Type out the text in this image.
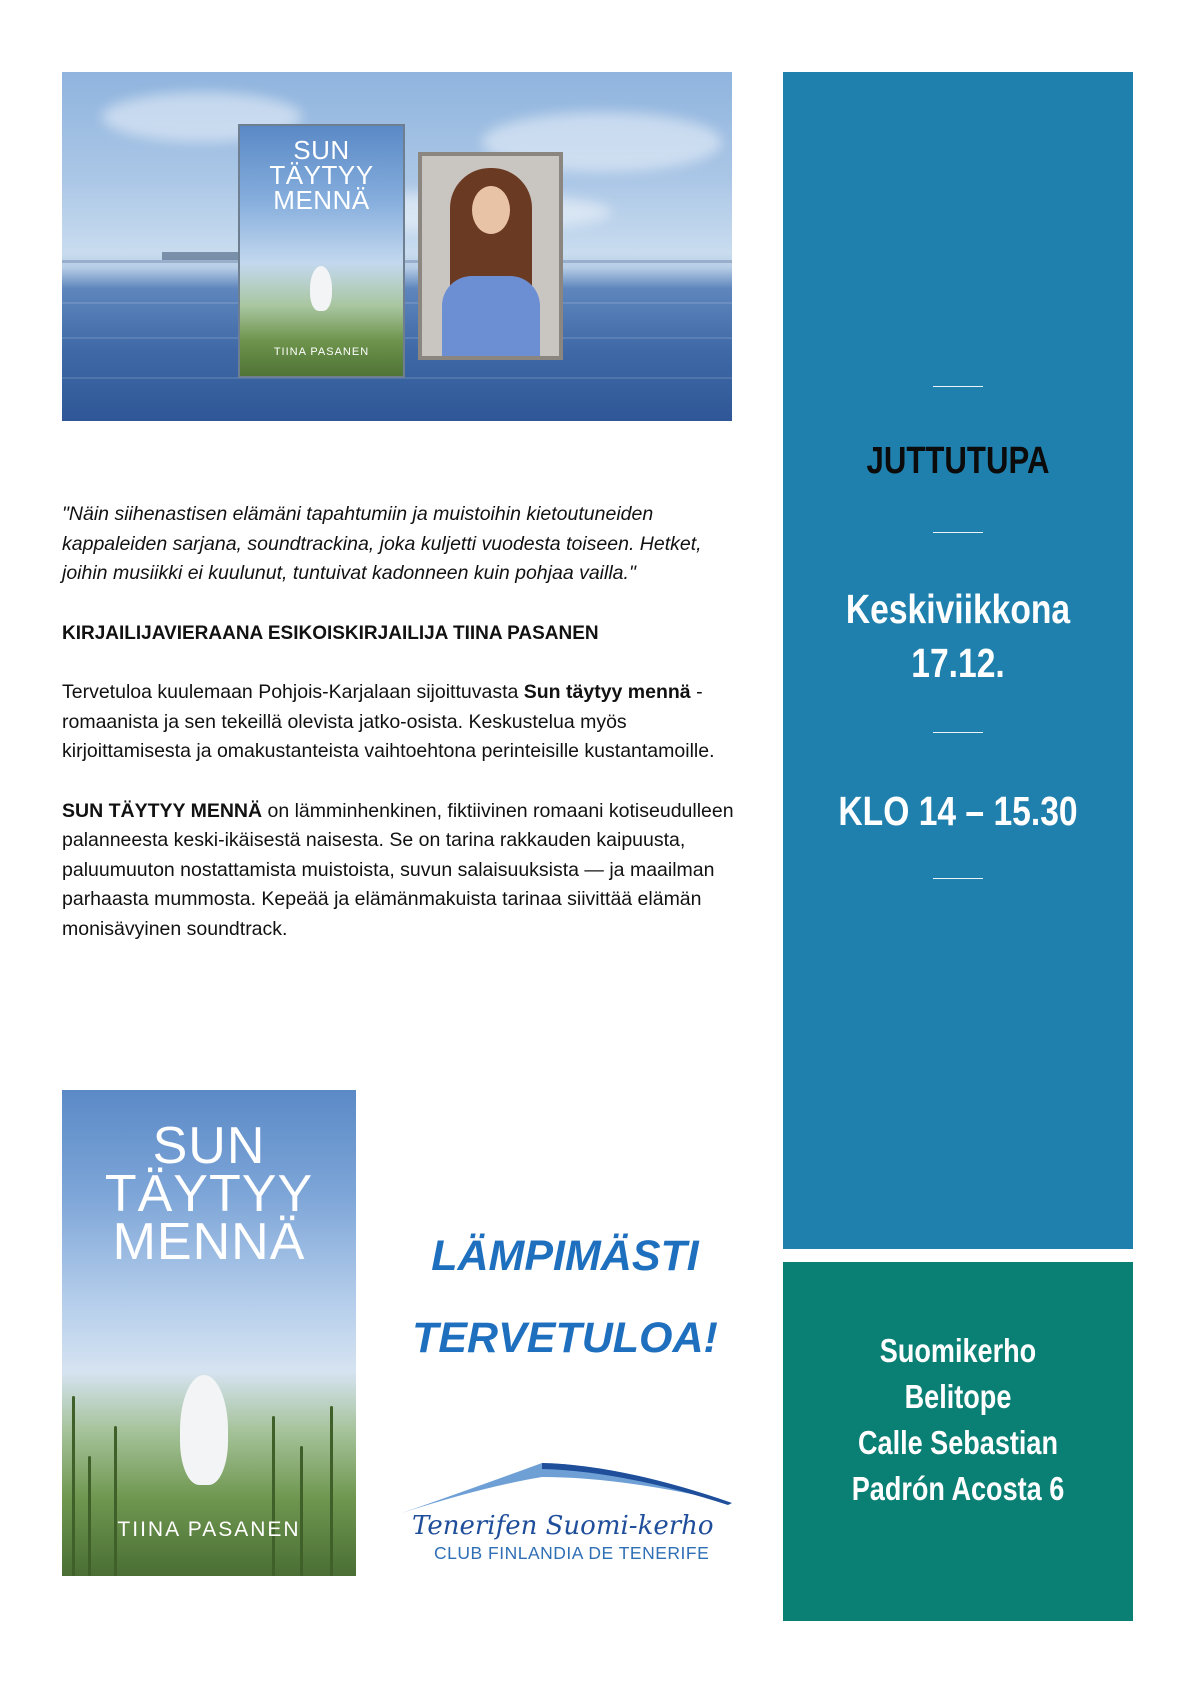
SUN
TÄYTYY
MENNÄ
TIINA PASANEN

"Näin siihenastisen elämäni tapahtumiin ja muistoihin kietoutuneiden kappaleiden sarjana, soundtrackina, joka kuljetti vuodesta toiseen. Hetket, joihin musiikki ei kuulunut, tuntuivat kadonneen kuin pohjaa vailla."

KIRJAILIJAVIERAANA ESIKOISKIRJAILIJA TIINA PASANEN

Tervetuloa kuulemaan Pohjois-Karjalaan sijoittuvasta Sun täytyy mennä -romaanista ja sen tekeillä olevista jatko-osista. Keskustelua myös kirjoittamisesta ja omakustanteista vaihtoehtona perinteisille kustantamoille.

SUN TÄYTYY MENNÄ on lämminhenkinen, fiktiivinen romaani kotiseudulleen palanneesta keski-ikäisestä naisesta. Se on tarina rakkauden kaipuusta, paluumuuton nostattamista muistoista, suvun salaisuuksista — ja maailman parhaasta mummosta. Kepeää ja elämänmakuista tarinaa siivittää elämän monisävyinen soundtrack.

SUN
TÄYTYY
MENNÄ
TIINA PASANEN
LÄMPIMÄSTI
TERVETULOA!
Tenerifen Suomi-kerho
CLUB FINLANDIA DE TENERIFE
JUTTUTUPA
Keskiviikkona
17.12.
KLO 14 – 15.30
Suomikerho
Belitope
Calle Sebastian
Padrón Acosta 6
